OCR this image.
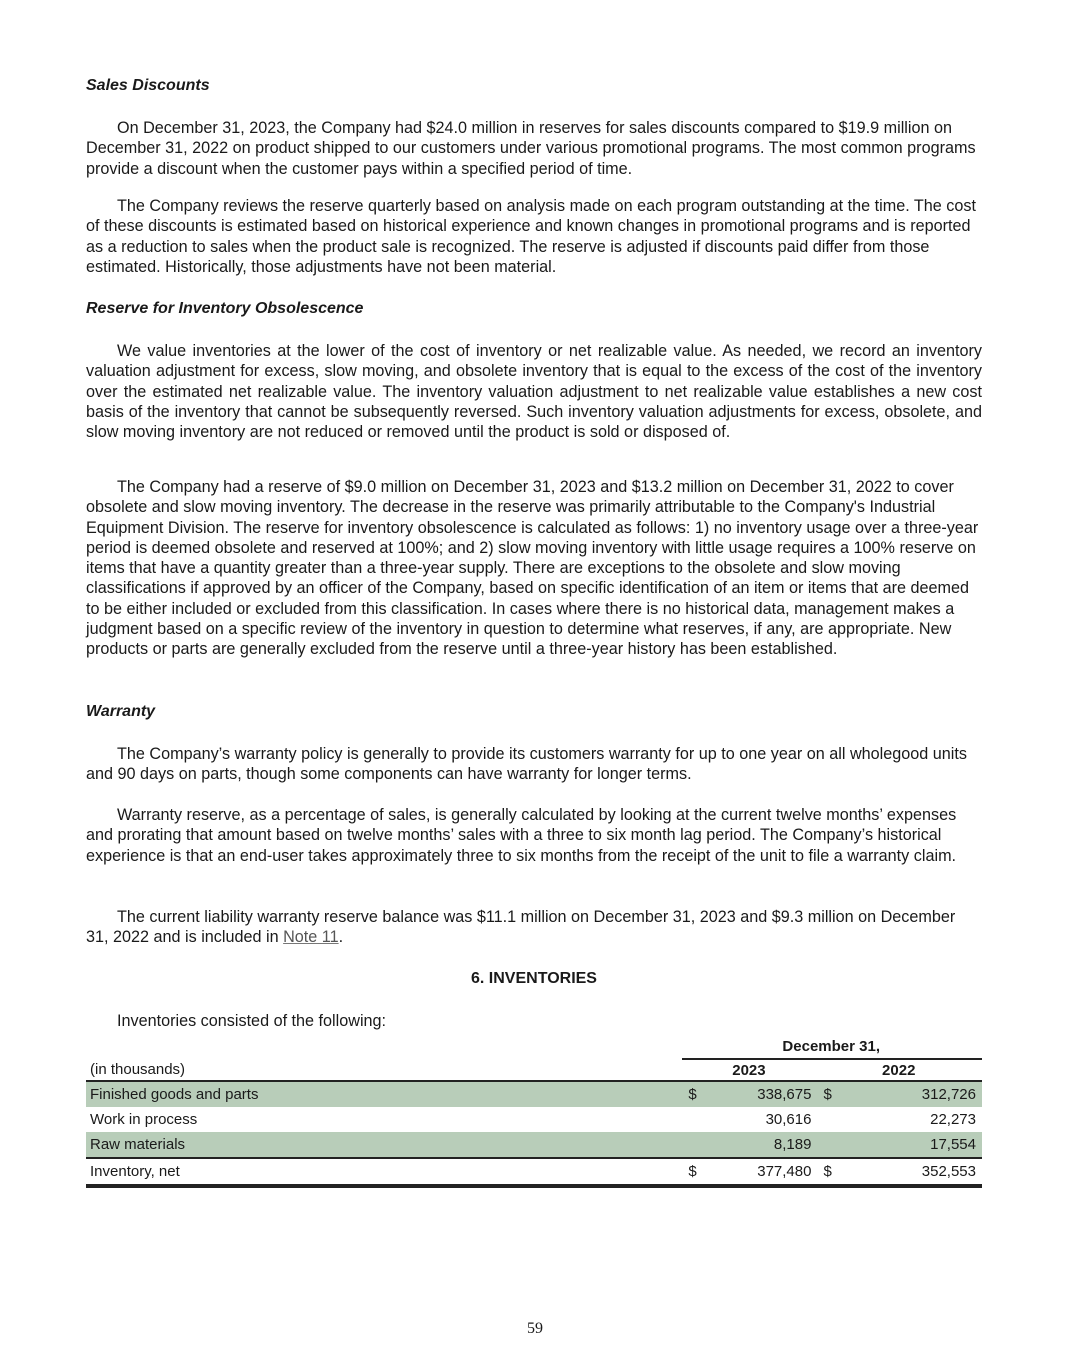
Sales Discounts

On December 31, 2023, the Company had $24.0 million in reserves for sales discounts compared to $19.9 million on December 31, 2022 on product shipped to our customers under various promotional programs. The most common programs provide a discount when the customer pays within a specified period of time.

The Company reviews the reserve quarterly based on analysis made on each program outstanding at the time. The cost of these discounts is estimated based on historical experience and known changes in promotional programs and is reported as a reduction to sales when the product sale is recognized. The reserve is adjusted if discounts paid differ from those estimated. Historically, those adjustments have not been material.

Reserve for Inventory Obsolescence

We value inventories at the lower of the cost of inventory or net realizable value. As needed, we record an inventory valuation adjustment for excess, slow moving, and obsolete inventory that is equal to the excess of the cost of the inventory over the estimated net realizable value. The inventory valuation adjustment to net realizable value establishes a new cost basis of the inventory that cannot be subsequently reversed. Such inventory valuation adjustments for excess, obsolete, and slow moving inventory are not reduced or removed until the product is sold or disposed of.

The Company had a reserve of $9.0 million on December 31, 2023 and $13.2 million on December 31, 2022 to cover obsolete and slow moving inventory. The decrease in the reserve was primarily attributable to the Company's Industrial Equipment Division. The reserve for inventory obsolescence is calculated as follows: 1) no inventory usage over a three-year period is deemed obsolete and reserved at 100%; and 2) slow moving inventory with little usage requires a 100% reserve on items that have a quantity greater than a three-year supply. There are exceptions to the obsolete and slow moving classifications if approved by an officer of the Company, based on specific identification of an item or items that are deemed to be either included or excluded from this classification. In cases where there is no historical data, management makes a judgment based on a specific review of the inventory in question to determine what reserves, if any, are appropriate. New products or parts are generally excluded from the reserve until a three-year history has been established.

Warranty

The Company’s warranty policy is generally to provide its customers warranty for up to one year on all wholegood units and 90 days on parts, though some components can have warranty for longer terms.

Warranty reserve, as a percentage of sales, is generally calculated by looking at the current twelve months’ expenses and prorating that amount based on twelve months’ sales with a three to six month lag period. The Company’s historical experience is that an end-user takes approximately three to six months from the receipt of the unit to file a warranty claim.

The current liability warranty reserve balance was $11.1 million on December 31, 2023 and $9.3 million on December 31, 2022 and is included in Note 11.

6. INVENTORIES
Inventories consisted of the following:
	December 31,			
(in thousands)	2023		2022	
Finished goods and parts	$	338,675	$	312,726
Work in process		30,616		22,273
Raw materials		8,189		17,554
Inventory, net	$	377,480	$	352,553
59
